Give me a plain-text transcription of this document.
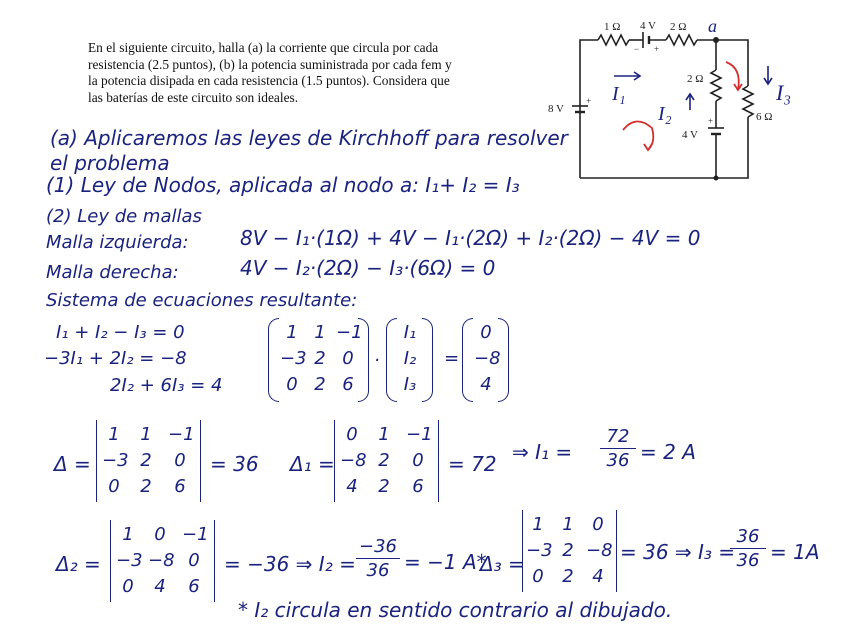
En el siguiente circuito, halla (a) la corriente que circula por cada
resistencia (2.5 puntos), (b) la potencia suministrada por cada fem y
la potencia disipada en cada resistencia (1.5 puntos). Considera que
las baterías de este circuito son ideales.
1 Ω 4 V 2 Ω
2 Ω
4 V
8 V
6 Ω
+
+
+
−
a
I₁
I₂
I₃
(a) Aplicaremos las leyes de Kirchhoff para resolver
el problema
(1) Ley de Nodos, aplicada al nodo a: I₁+ I₂ = I₃
(2) Ley de mallas
Malla izquierda:	8V − I₁·(1Ω) + 4V − I₁·(2Ω) + I₂·(2Ω) − 4V = 0
Malla derecha:	4V − I₂·(2Ω) − I₃·(6Ω) = 0
Sistema de ecuaciones resultante:
I₁ + I₂ − I₃ = 0
−3I₁ + 2I₂ = −8
2I₂ + 6I₃ = 4
1 1 −1
−3 2 0
0 2 6
·
I₁
I₂
I₃
=
0
−8
4
Δ =
1	1 −1
−3 2	0
0	2	6
= 36 Δ₁ =
0	1 −1
−8 2	0
4	2	6
= 72 ⇒ I₁ =
72
36 = 2 A
Δ₂ =
1	0 −1
−3 −8 0
0	4	6
= −36 ⇒ I₂ =
−36
36 = −1 A*
Δ₃ =
1	1	0
−3 2 −8
0	2	4
= 36 ⇒ I₃ =
36
36 = 1A
* I₂ circula en sentido contrario al dibujado.
